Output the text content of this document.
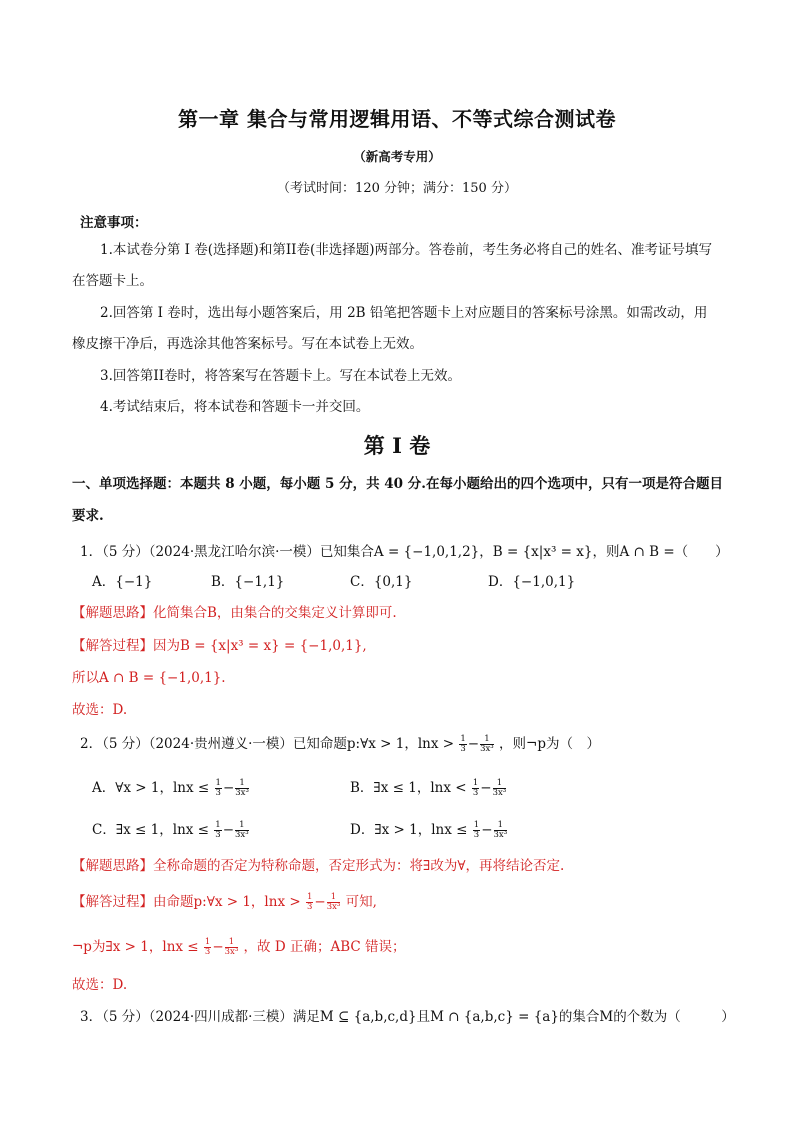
第一章 集合与常用逻辑用语、不等式综合测试卷
（新高考专用）
（考试时间：120 分钟；满分：150 分）
注意事项：
1.本试卷分第 I 卷(选择题)和第II卷(非选择题)两部分。答卷前，考生务必将自己的姓名、准考证号填写
在答题卡上。
2.回答第 I 卷时，选出每小题答案后，用 2B 铅笔把答题卡上对应题目的答案标号涂黑。如需改动，用
橡皮擦干净后，再选涂其他答案标号。写在本试卷上无效。
3.回答第II卷时，将答案写在答题卡上。写在本试卷上无效。
4.考试结束后，将本试卷和答题卡一并交回。
第 I 卷
一、单项选择题：本题共 8 小题，每小题 5 分，共 40 分.在每小题给出的四个选项中，只有一项是符合题目
要求.
1．（5 分）（2024·黑龙江哈尔滨·一模）已知集合A = {−1,0,1,2}，B = {x|x³ = x}，则A ∩ B =（　　）
A．{−1}	B．{−1,1}	C．{0,1}	D．{−1,0,1}
【解题思路】化简集合B，由集合的交集定义计算即可.
【解答过程】因为B = {x|x³ = x} = {−1,0,1},
所以A ∩ B = {−1,0,1}.
故选：D.
2．（5 分）（2024·贵州遵义·一模）已知命题p:∀x > 1，$\ln x > \frac{1}{3} - \frac{1}{\text{3x³}}$ ，则¬p为（　）
A．∀x > 1，$\ln x \le \frac{1}{3} - \frac{1}{\text{3x³}}$	B．∃x ≤ 1，$\ln x < \frac{1}{3} - \frac{1}{\text{3x³}}$
C．∃x ≤ 1，$\ln x \le \frac{1}{3} - \frac{1}{\text{3x³}}$	D．∃x > 1，$\ln x \le \frac{1}{3} - \frac{1}{\text{3x³}}$
【解题思路】全称命题的否定为特称命题，否定形式为：将∃改为∀，再将结论否定.
【解答过程】由命题p:∀x > 1，$\ln x > \frac{1}{3} - \frac{1}{\text{3x³}}$ 可知,
¬p为∃x > 1，$\ln x \le \frac{1}{3} - \frac{1}{\text{3x³}}$ ，故 D 正确；ABC 错误；
故选：D.
3．（5 分）（2024·四川成都·三模）满足M ⊆ {a,b,c,d}且M ∩ {a,b,c} = {a}的集合M的个数为（　　　）
